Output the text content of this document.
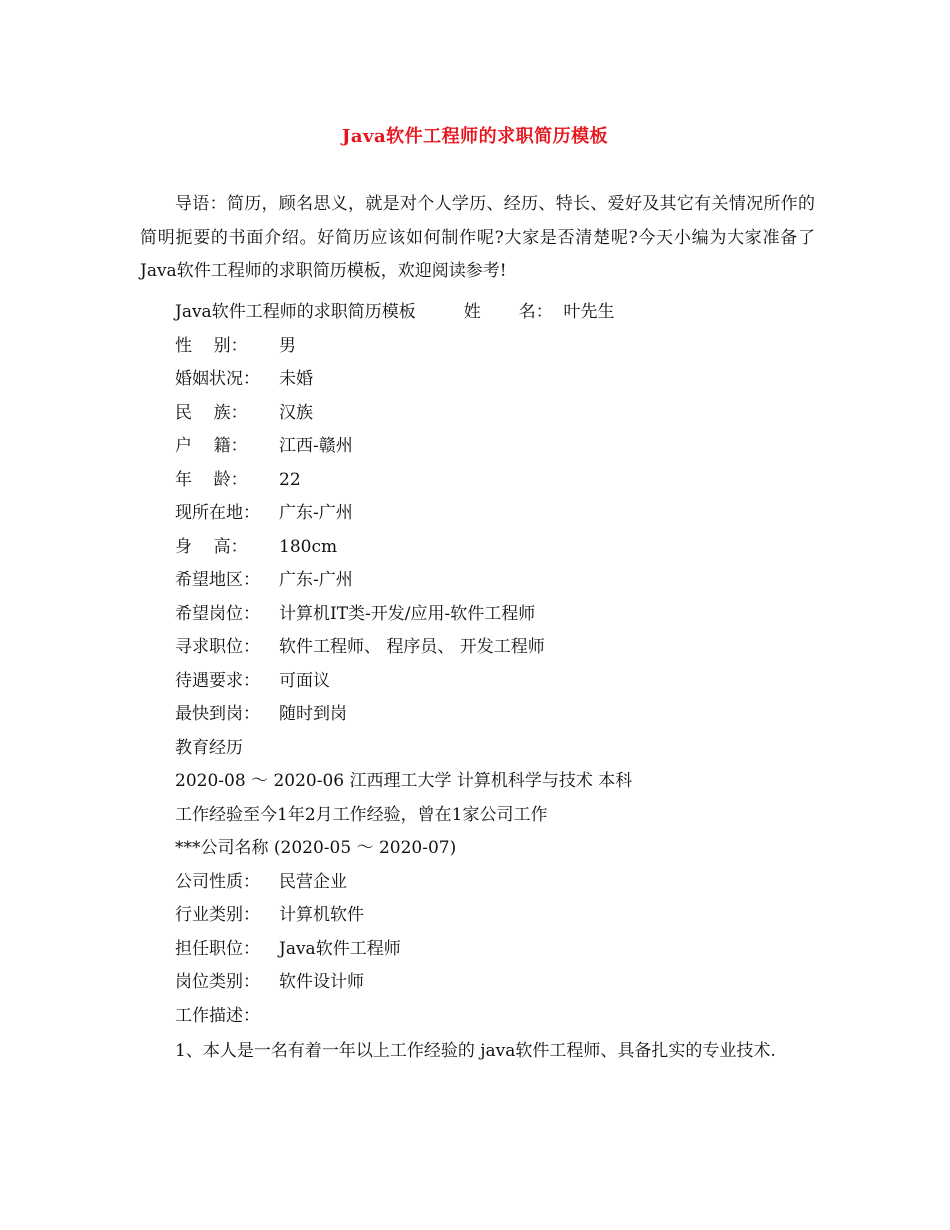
Java软件工程师的求职简历模板
导语：简历，顾名思义，就是对个人学历、经历、特长、爱好及其它有关情况所作的简明扼要的书面介绍。好简历应该如何制作呢?大家是否清楚呢?今天小编为大家准备了Java软件工程师的求职简历模板，欢迎阅读参考!
Java软件工程师的求职简历模板	姓 名： 叶先生
性    别： 男
婚姻状况： 未婚
民    族： 汉族
户    籍： 江西-赣州
年    龄： 22
现所在地： 广东-广州
身    高： 180cm
希望地区： 广东-广州
希望岗位： 计算机IT类-开发/应用-软件工程师
寻求职位： 软件工程师、 程序员、 开发工程师
待遇要求： 可面议
最快到岗： 随时到岗
教育经历
2020-08 ～ 2020-06 江西理工大学 计算机科学与技术 本科
工作经验至今1年2月工作经验，曾在1家公司工作
***公司名称 (2020-05 ～ 2020-07)
公司性质： 民营企业
行业类别： 计算机软件
担任职位： Java软件工程师
岗位类别： 软件设计师
工作描述：
1、本人是一名有着一年以上工作经验的 java软件工程师、具备扎实的专业技术.
